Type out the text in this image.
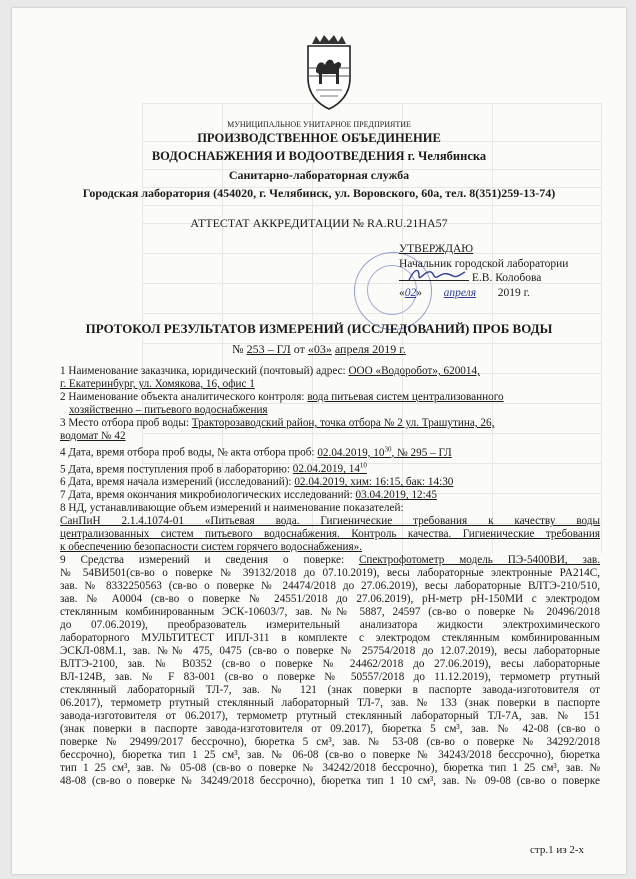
МУНИЦИПАЛЬНОЕ УНИТАРНОЕ ПРЕДПРИЯТИЕ
ПРОИЗВОДСТВЕННОЕ ОБЪЕДИНЕНИЕ
ВОДОСНАБЖЕНИЯ И ВОДООТВЕДЕНИЯ г. Челябинска
Санитарно-лабораторная служба
Городская лаборатория (454020, г. Челябинск, ул. Воровского, 60а, тел. 8(351)259-13-74)
АТТЕСТАТ АККРЕДИТАЦИИ № RA.RU.21НА57
УТВЕРЖДАЮ
Начальник городской лаборатории
Е.В. Колобова
«02» апреля 2019 г.
ПРОТОКОЛ РЕЗУЛЬТАТОВ ИЗМЕРЕНИЙ (ИССЛЕДОВАНИЙ) ПРОБ ВОДЫ
№ 253 – ГЛ от «03» апреля 2019 г.

1 Наименование заказчика, юридический (почтовый) адрес: ООО «Водоробот», 620014,

г. Екатеринбург, ул. Хомякова, 16, офис 1

2 Наименование объекта аналитического контроля: вода питьевая систем централизованного

хозяйственно – питьевого водоснабжения

3 Место отбора проб воды: Тракторозаводский район, точка отбора № 2 ул. Трашутина, 26,

водомат № 42

4 Дата, время отбора проб воды, № акта отбора проб: 02.04.2019, $10^{30}$, № 295 – ГЛ

5 Дата, время поступления проб в лабораторию: 02.04.2019, $14^{10}$

6 Дата, время начала измерений (исследований): 02.04.2019, хим: 16:15, бак: 14:30

7 Дата, время окончания микробиологических исследований: 03.04.2019, 12:45

8 НД, устанавливающие объем измерений и наименование показателей:

СанПиН 2.1.4.1074-01 «Питьевая вода. Гигиенические требования к качеству воды

централизованных систем питьевого водоснабжения. Контроль качества. Гигиенические требования

к обеспечению безопасности систем горячего водоснабжения».

9 Средства измерений и сведения о поверке: Спектрофотометр модель ПЭ-5400ВИ, зав.

№ 54ВИ501(св-во о поверке № 39132/2018 до 07.10.2019), весы лабораторные электронные PA214C,

зав. № 8332250563 (св-во о поверке № 24474/2018 до 27.06.2019), весы лабораторные ВЛТЭ-210/510,

зав. № А0004 (св-во о поверке № 24551/2018 до 27.06.2019), pH-метр pH-150МИ с электродом

стеклянным комбинированным ЭСК-10603/7, зав. №№ 5887, 24597 (св-во о поверке № 20496/2018

до 07.06.2019), преобразователь измерительный анализатора жидкости электрохимического

лабораторного МУЛЬТИТЕСТ ИПЛ-311 в комплекте с электродом стеклянным комбинированным

ЭСКЛ-08М.1, зав. №№ 475, 0475 (св-во о поверке № 25754/2018 до 12.07.2019), весы лабораторные

ВЛТЭ-2100, зав. № В0352 (св-во о поверке № 24462/2018 до 27.06.2019), весы лабораторные

ВЛ-124В, зав. № F 83-001 (св-во о поверке № 50557/2018 до 11.12.2019), термометр ртутный

стеклянный лабораторный ТЛ-7, зав. № 121 (знак поверки в паспорте завода-изготовителя от

06.2017), термометр ртутный стеклянный лабораторный ТЛ-7, зав. № 133 (знак поверки в паспорте

завода-изготовителя от 06.2017), термометр ртутный стеклянный лабораторный ТЛ-7А, зав. № 151

(знак поверки в паспорте завода-изготовителя от 09.2017), бюретка 5 см³, зав. № 42-08 (св-во о

поверке № 29499/2017 бессрочно), бюретка 5 см³, зав. № 53-08 (св-во о поверке № 34292/2018

бессрочно), бюретка тип 1 25 см³, зав. № 06-08 (св-во о поверке № 34243/2018 бессрочно), бюретка

тип 1 25 см³, зав. № 05-08 (св-во о поверке № 34242/2018 бессрочно), бюретка тип 1 25 см³, зав. №

48-08 (св-во о поверке № 34249/2018 бессрочно), бюретка тип 1 10 см³, зав. № 09-08 (св-во о поверке

стр.1 из 2-х
